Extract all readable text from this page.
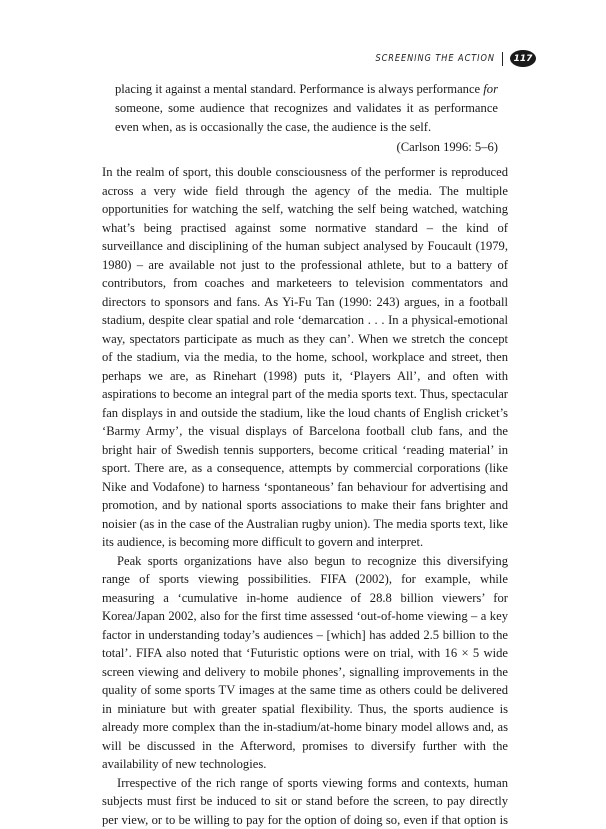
SCREENING THE ACTION	117
placing it against a mental standard. Performance is always performance for someone, some audience that recognizes and validates it as performance even when, as is occasionally the case, the audience is the self.
(Carlson 1996: 5–6)

In the realm of sport, this double consciousness of the performer is reproduced across a very wide field through the agency of the media. The multiple opportunities for watching the self, watching the self being watched, watching what’s being practised against some normative standard – the kind of surveillance and disciplining of the human subject analysed by Foucault (1979, 1980) – are available not just to the professional athlete, but to a battery of contributors, from coaches and marketeers to television commentators and directors to sponsors and fans. As Yi-Fu Tan (1990: 243) argues, in a football stadium, despite clear spatial and role ‘demarcation . . . In a physical-emotional way, spectators participate as much as they can’. When we stretch the concept of the stadium, via the media, to the home, school, workplace and street, then perhaps we are, as Rinehart (1998) puts it, ‘Players All’, and often with aspirations to become an integral part of the media sports text. Thus, spectacular fan displays in and outside the stadium, like the loud chants of English cricket’s ‘Barmy Army’, the visual displays of Barcelona football club fans, and the bright hair of Swedish tennis supporters, become critical ‘reading material’ in sport. There are, as a consequence, attempts by commercial corporations (like Nike and Vodafone) to harness ‘spontaneous’ fan behaviour for advertising and promotion, and by national sports associations to make their fans brighter and noisier (as in the case of the Australian rugby union). The media sports text, like its audience, is becoming more difficult to govern and interpret.

Peak sports organizations have also begun to recognize this diversifying range of sports viewing possibilities. FIFA (2002), for example, while measuring a ‘cumulative in-home audience of 28.8 billion viewers’ for Korea/Japan 2002, also for the first time assessed ‘out-of-home viewing – a key factor in understanding today’s audiences – [which] has added 2.5 billion to the total’. FIFA also noted that ‘Futuristic options were on trial, with 16 × 5 wide screen viewing and delivery to mobile phones’, signalling improvements in the quality of some sports TV images at the same time as others could be delivered in miniature but with greater spatial flexibility. Thus, the sports audience is already more complex than the in-stadium/at-home binary model allows and, as will be discussed in the Afterword, promises to diversify further with the availability of new technologies.

Irrespective of the rich range of sports viewing forms and contexts, human subjects must first be induced to sit or stand before the screen, to pay directly per view, or to be willing to pay for the option of doing so, even if that option is
